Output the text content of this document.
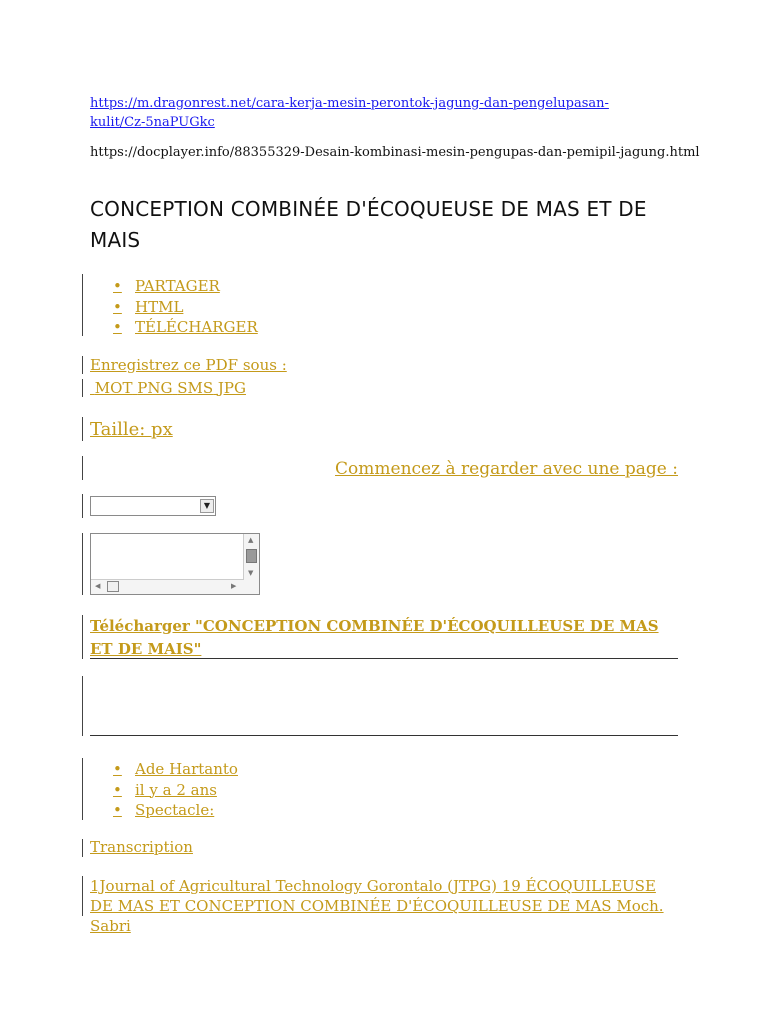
https://m.dragonrest.net/cara-kerja-mesin-perontok-jagung-dan-pengelupasan-kulit/Cz-5naPUGkc
https://docplayer.info/88355329-Desain-kombinasi-mesin-pengupas-dan-pemipil-jagung.html
CONCEPTION COMBINÉE D'ÉCOQUEUSE DE MAS ET DE MAIS
• PARTAGER
• HTML
• TÉLÉCHARGER
Enregistrez ce PDF sous :
MOT PNG SMS JPG
Taille: px
Commencez à regarder avec une page :
▼
▲
▼
◀	▶
Télécharger "CONCEPTION COMBINÉE D'ÉCOQUILLEUSE DE MAS ET DE MAIS"
• Ade Hartanto
• il y a 2 ans
• Spectacle:
Transcription
1Journal of Agricultural Technology Gorontalo (JTPG) 19 ÉCOQUILLEUSE DE MAS ET CONCEPTION COMBINÉE D'ÉCOQUILLEUSE DE MAS Moch. Sabri
